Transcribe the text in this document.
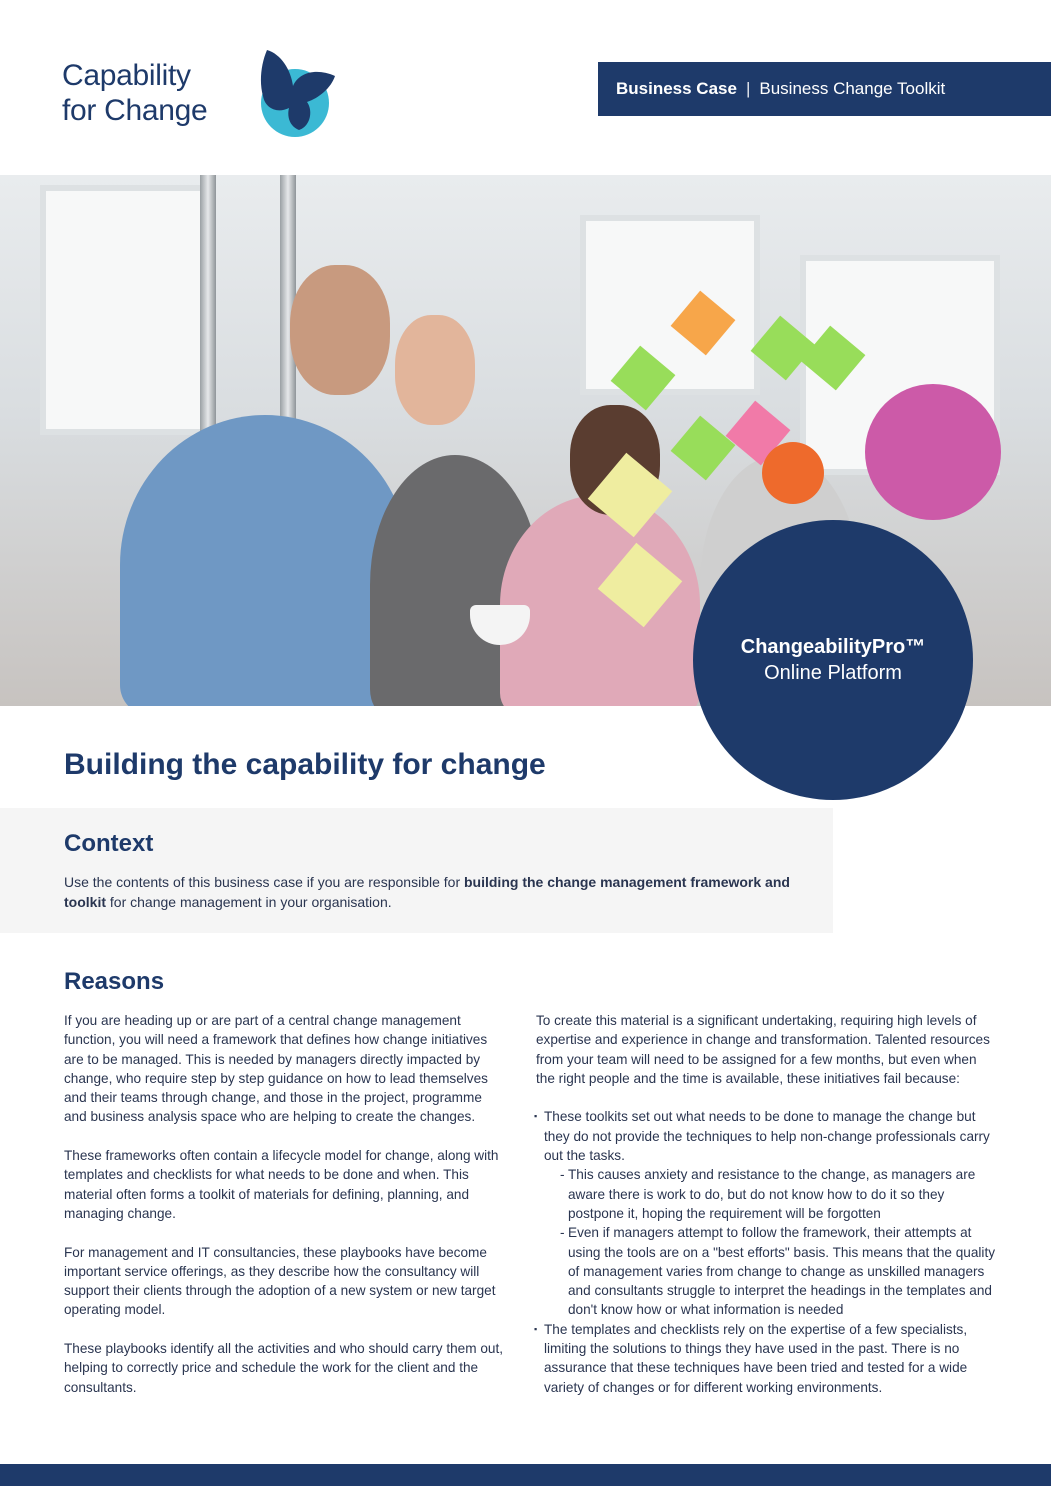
Capability
for Change
Business Case | Business Change Toolkit
ChangeabilityPro™
Online Platform
Building the capability for change
Context
Use the contents of this business case if you are responsible for building the change management framework and toolkit for change management in your organisation.
Reasons

If you are heading up or are part of a central change management function, you will need a framework that defines how change initiatives are to be managed. This is needed by managers directly impacted by change, who require step by step guidance on how to lead themselves and their teams through change, and those in the project, programme and business analysis space who are helping to create the changes.

These frameworks often contain a lifecycle model for change, along with templates and checklists for what needs to be done and when. This material often forms a toolkit of materials for defining, planning, and managing change.

For management and IT consultancies, these playbooks have become important service offerings, as they describe how the consultancy will support their clients through the adoption of a new system or new target operating model.

These playbooks identify all the activities and who should carry them out, helping to correctly price and schedule the work for the client and the consultants.

To create this material is a significant undertaking, requiring high levels of expertise and experience in change and transformation. Talented resources from your team will need to be assigned for a few months, but even when the right people and the time is available, these initiatives fail because:

▪ These toolkits set out what needs to be done to manage the change but they do not provide the techniques to help non-change professionals carry out the tasks.
- This causes anxiety and resistance to the change, as managers are aware there is work to do, but do not know how to do it so they postpone it, hoping the requirement will be forgotten
- Even if managers attempt to follow the framework, their attempts at using the tools are on a "best efforts" basis. This means that the quality of management varies from change to change as unskilled managers and consultants struggle to interpret the headings in the templates and don't know how or what information is needed
▪ The templates and checklists rely on the expertise of a few specialists, limiting the solutions to things they have used in the past. There is no assurance that these techniques have been tried and tested for a wide variety of changes or for different working environments.
